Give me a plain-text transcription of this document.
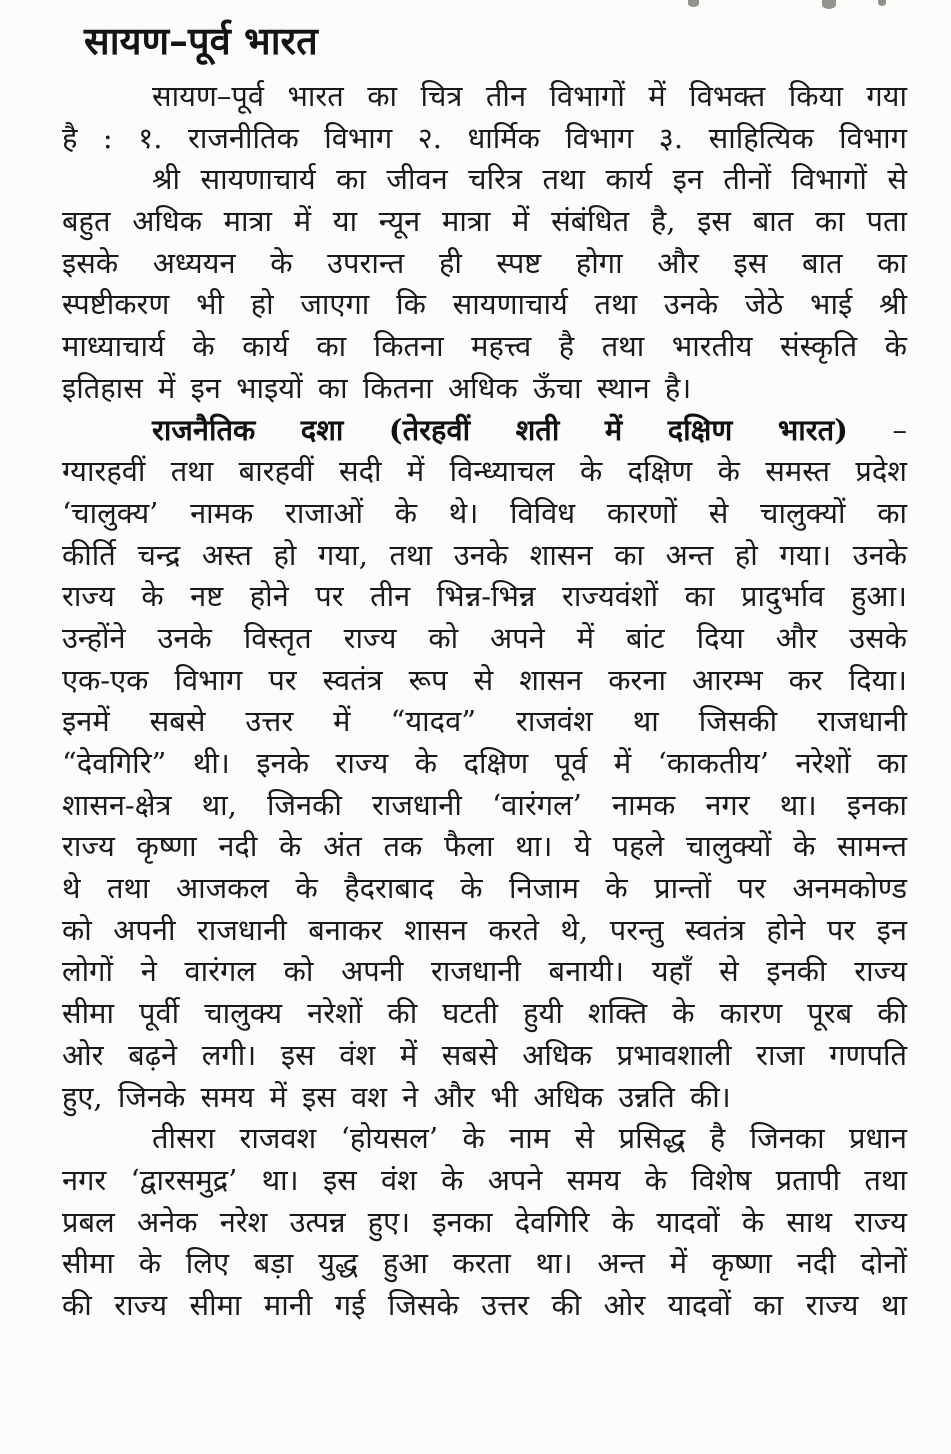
सायण–पूर्व भारत
सायण–पूर्व भारत का चित्र तीन विभागों में विभक्त किया गया
है : १. राजनीतिक विभाग २. धार्मिक विभाग ३. साहित्यिक विभाग
श्री सायणाचार्य का जीवन चरित्र तथा कार्य इन तीनों विभागों से
बहुत अधिक मात्रा में या न्यून मात्रा में संबंधित है, इस बात का पता
इसके अध्ययन के उपरान्त ही स्पष्ट होगा और इस बात का
स्पष्टीकरण भी हो जाएगा कि सायणाचार्य तथा उनके जेठे भाई श्री
माध्याचार्य के कार्य का कितना महत्त्व है तथा भारतीय संस्कृति के
इतिहास में इन भाइयों का कितना अधिक ऊँचा स्थान है।
राजनैतिक दशा (तेरहवीं शती में दक्षिण भारत) –
ग्यारहवीं तथा बारहवीं सदी में विन्ध्याचल के दक्षिण के समस्त प्रदेश
‘चालुक्य’ नामक राजाओं के थे। विविध कारणों से चालुक्यों का
कीर्ति चन्द्र अस्त हो गया, तथा उनके शासन का अन्त हो गया। उनके
राज्य के नष्ट होने पर तीन भिन्न-भिन्न राज्यवंशों का प्रादुर्भाव हुआ।
उन्होंने उनके विस्तृत राज्य को अपने में बांट दिया और उसके
एक-एक विभाग पर स्वतंत्र रूप से शासन करना आरम्भ कर दिया।
इनमें सबसे उत्तर में “यादव” राजवंश था जिसकी राजधानी
“देवगिरि” थी। इनके राज्य के दक्षिण पूर्व में ‘काकतीय’ नरेशों का
शासन-क्षेत्र था, जिनकी राजधानी ‘वारंगल’ नामक नगर था। इनका
राज्य कृष्णा नदी के अंत तक फैला था। ये पहले चालुक्यों के सामन्त
थे तथा आजकल के हैदराबाद के निजाम के प्रान्तों पर अनमकोण्ड
को अपनी राजधानी बनाकर शासन करते थे, परन्तु स्वतंत्र होने पर इन
लोगों ने वारंगल को अपनी राजधानी बनायी। यहाँ से इनकी राज्य
सीमा पूर्वी चालुक्य नरेशों की घटती हुयी शक्ति के कारण पूरब की
ओर बढ़ने लगी। इस वंश में सबसे अधिक प्रभावशाली राजा गणपति
हुए, जिनके समय में इस वश ने और भी अधिक उन्नति की।
तीसरा राजवश ‘होयसल’ के नाम से प्रसिद्ध है जिनका प्रधान
नगर ‘द्वारसमुद्र’ था। इस वंश के अपने समय के विशेष प्रतापी तथा
प्रबल अनेक नरेश उत्पन्न हुए। इनका देवगिरि के यादवों के साथ राज्य
सीमा के लिए बड़ा युद्ध हुआ करता था। अन्त में कृष्णा नदी दोनों
की राज्य सीमा मानी गई जिसके उत्तर की ओर यादवों का राज्य था
